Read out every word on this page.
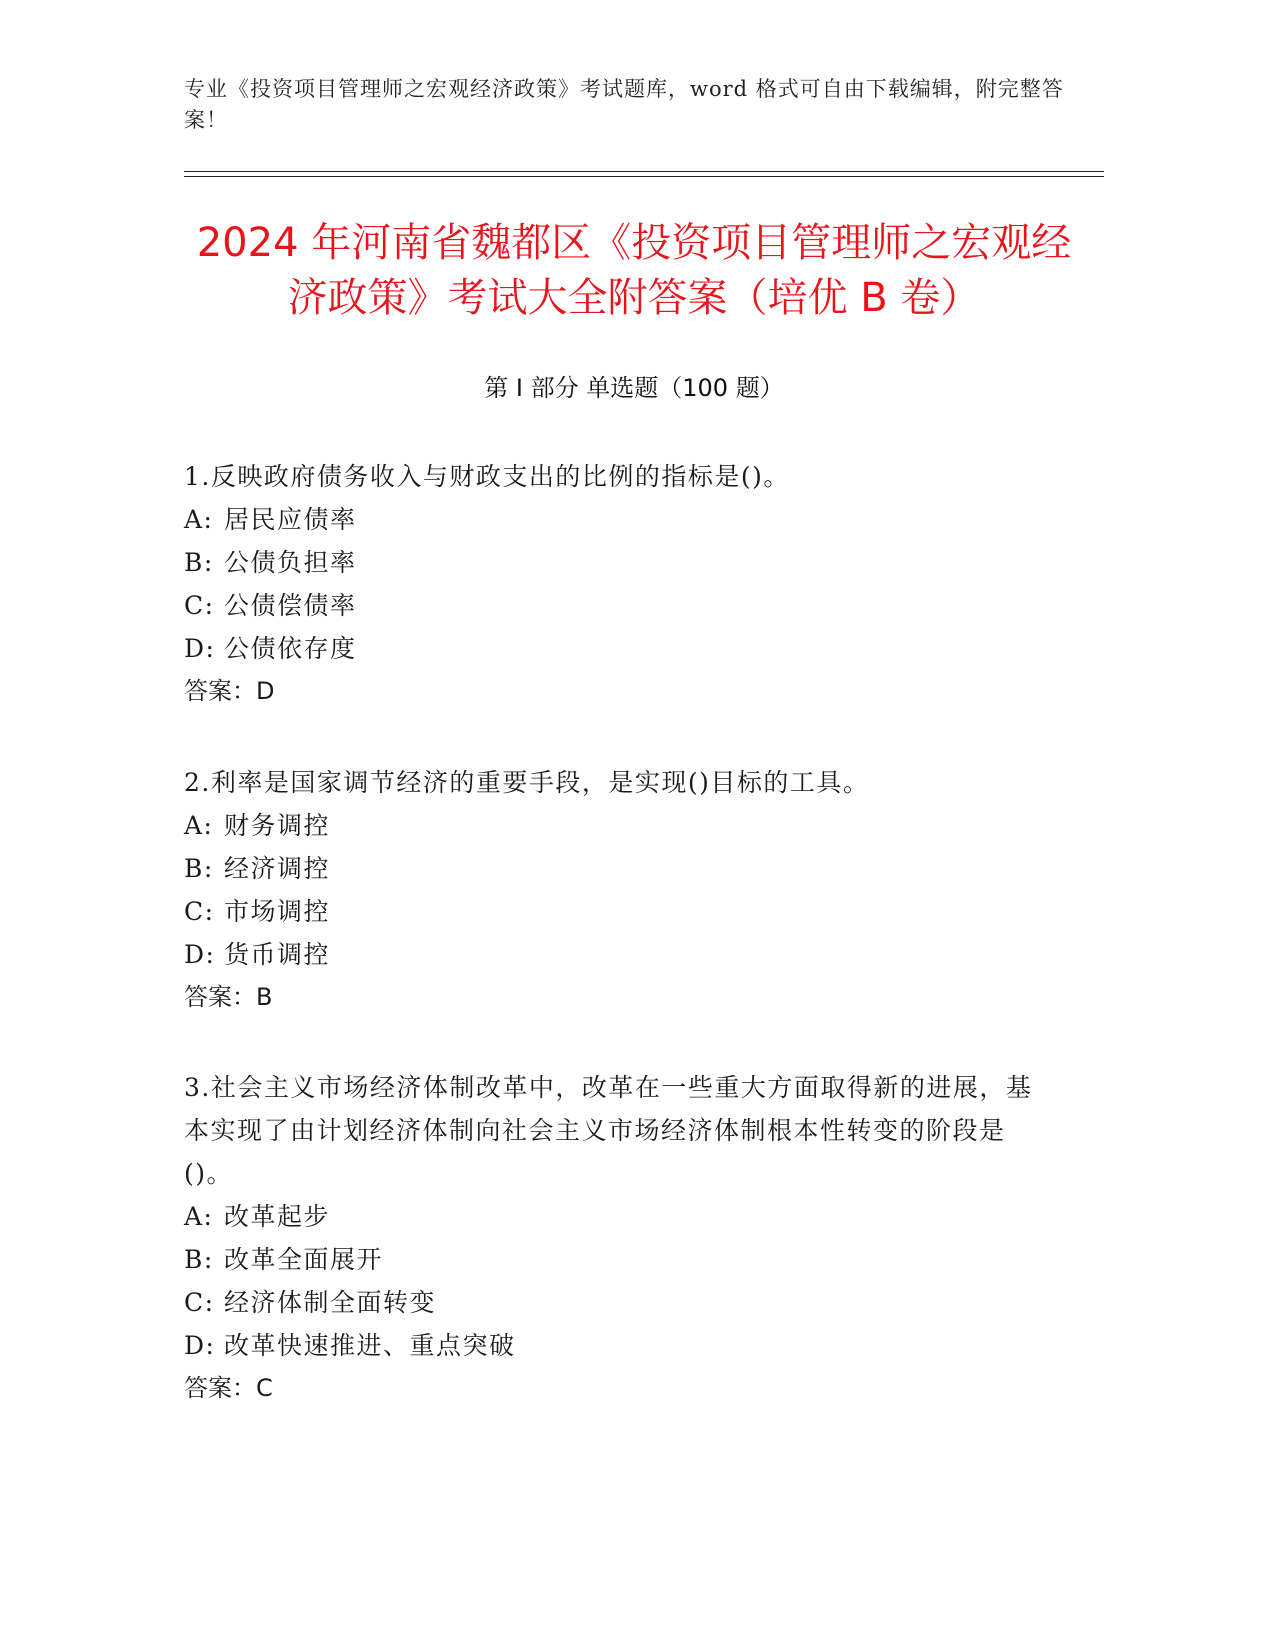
专业《投资项目管理师之宏观经济政策》考试题库，word 格式可自由下载编辑，附完整答案！
2024 年河南省魏都区《投资项目管理师之宏观经济政策》考试大全附答案（培优 B 卷）
第 I 部分 单选题（100 题）

1.反映政府债务收入与财政支出的比例的指标是()。

A: 居民应债率

B: 公债负担率

C: 公债偿债率

D: 公债依存度

答案：D

2.利率是国家调节经济的重要手段，是实现()目标的工具。

A: 财务调控

B: 经济调控

C: 市场调控

D: 货币调控

答案：B

3.社会主义市场经济体制改革中，改革在一些重大方面取得新的进展，基本实现了由计划经济体制向社会主义市场经济体制根本性转变的阶段是()。

A: 改革起步

B: 改革全面展开

C: 经济体制全面转变

D: 改革快速推进、重点突破

答案：C
